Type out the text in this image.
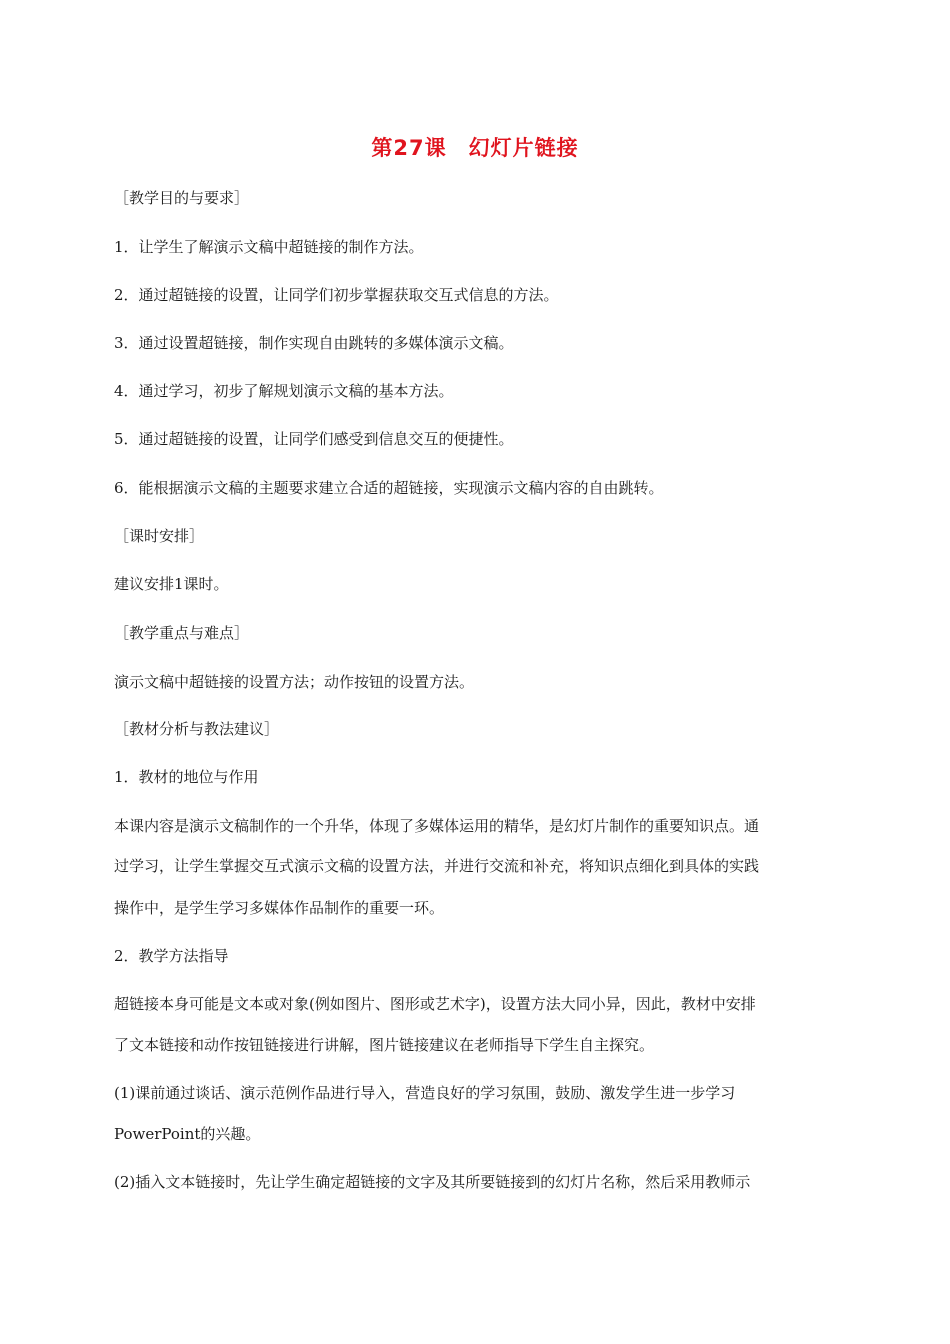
第27课　幻灯片链接
［教学目的与要求］
1．让学生了解演示文稿中超链接的制作方法。
2．通过超链接的设置，让同学们初步掌握获取交互式信息的方法。
3．通过设置超链接，制作实现自由跳转的多媒体演示文稿。
4．通过学习，初步了解规划演示文稿的基本方法。
5．通过超链接的设置，让同学们感受到信息交互的便捷性。
6．能根据演示文稿的主题要求建立合适的超链接，实现演示文稿内容的自由跳转。
［课时安排］
建议安排1课时。
［教学重点与难点］
演示文稿中超链接的设置方法；动作按钮的设置方法。
［教材分析与教法建议］
1．教材的地位与作用
本课内容是演示文稿制作的一个升华，体现了多媒体运用的精华，是幻灯片制作的重要知识点。通
过学习，让学生掌握交互式演示文稿的设置方法，并进行交流和补充，将知识点细化到具体的实践
操作中，是学生学习多媒体作品制作的重要一环。
2．教学方法指导
超链接本身可能是文本或对象(例如图片、图形或艺术字)，设置方法大同小异，因此，教材中安排
了文本链接和动作按钮链接进行讲解，图片链接建议在老师指导下学生自主探究。
(1)课前通过谈话、演示范例作品进行导入，营造良好的学习氛围，鼓励、激发学生进一步学习
PowerPoint的兴趣。
(2)插入文本链接时，先让学生确定超链接的文字及其所要链接到的幻灯片名称，然后采用教师示
